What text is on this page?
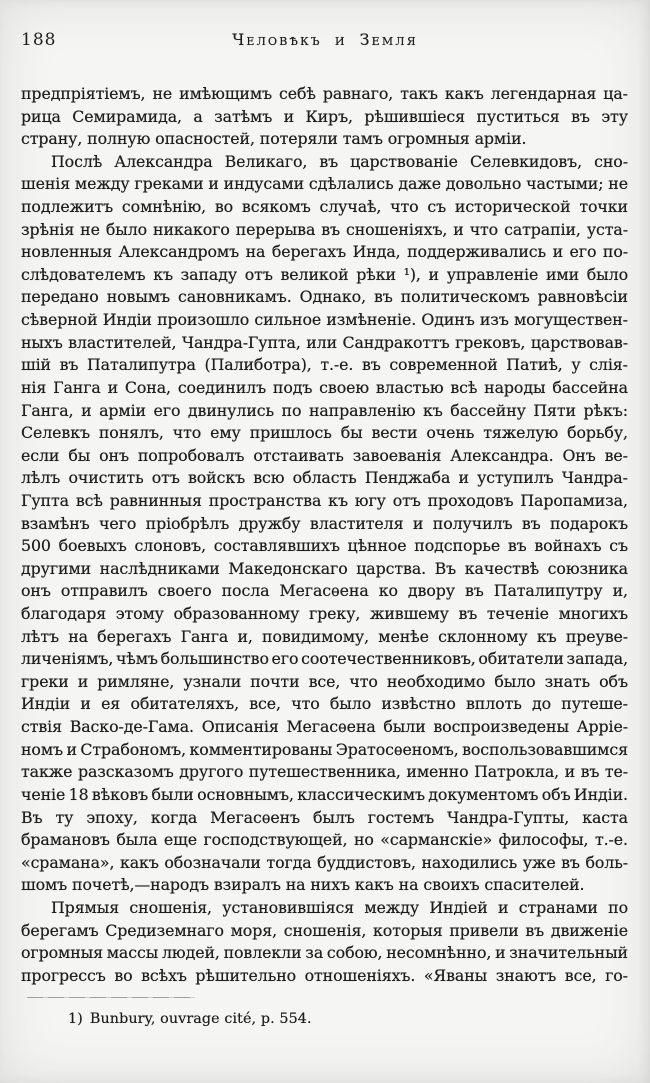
188	Человѣкъ и Земля
предпріятіемъ, не имѣющимъ себѣ равнаго, такъ какъ легендарная ца-
рица Семирамида, а затѣмъ и Киръ, рѣшившіеся пуститься въ эту
страну, полную опасностей, потеряли тамъ огромныя арміи.
Послѣ Александра Великаго, въ царствованіе Селевкидовъ, сно-
шенія между греками и индусами сдѣлались даже довольно частыми; не
подлежитъ сомнѣнію, во всякомъ случаѣ, что съ исторической точки
зрѣнія не было никакого перерыва въ сношеніяхъ, и что сатрапіи, уста-
новленныя Александромъ на берегахъ Инда, поддерживались и его по-
слѣдователемъ къ западу отъ великой рѣки ¹), и управленіе ими было
передано новымъ сановникамъ. Однако, въ политическомъ равновѣсіи
сѣверной Индіи произошло сильное измѣненіе. Одинъ изъ могуществен-
ныхъ властителей, Чандра-Гупта, или Сандракоттъ грековъ, царствовав-
шій въ Паталипутра (Палиботра), т.-е. въ современной Патиѣ, у слія-
нія Ганга и Сона, соединилъ подъ своею властью всѣ народы бассейна
Ганга, и арміи его двинулись по направленію къ бассейну Пяти рѣкъ:
Селевкъ понялъ, что ему пришлось бы вести очень тяжелую борьбу,
если бы онъ попробовалъ отстаивать завоеванія Александра. Онъ ве-
лѣлъ очистить отъ войскъ всю область Пенджаба и уступилъ Чандра-
Гупта всѣ равнинныя пространства къ югу отъ проходовъ Паропамиза,
взамѣнъ чего пріобрѣлъ дружбу властителя и получилъ въ подарокъ
500 боевыхъ слоновъ, составлявшихъ цѣнное подспорье въ войнахъ съ
другими наслѣдниками Македонскаго царства. Въ качествѣ союзника
онъ отправилъ своего посла Мегасѳена ко двору въ Паталипутру и,
благодаря этому образованному греку, жившему въ теченіе многихъ
лѣтъ на берегахъ Ганга и, повидимому, менѣе склонному къ преуве-
личеніямъ, чѣмъ большинство его соотечественниковъ, обитатели запада,
греки и римляне, узнали почти все, что необходимо было знать объ
Индіи и ея обитателяхъ, все, что было извѣстно вплоть до путеше-
ствія Васко-де-Гама. Описанія Мегасѳена были воспроизведены Арріе-
номъ и Страбономъ, комментированы Эратосѳеномъ, воспользовавшимся
также разсказомъ другого путешественника, именно Патрокла, и въ те-
ченіе 18 вѣковъ были основнымъ, классическимъ документомъ объ Индіи.
Въ ту эпоху, когда Мегасѳенъ былъ гостемъ Чандра-Гупты, каста
брамановъ была еще господствующей, но «сарманскіе» философы, т.-е.
«срамана», какъ обозначали тогда буддистовъ, находились уже въ боль-
шомъ почетѣ,—народъ взиралъ на нихъ какъ на своихъ спасителей.
Прямыя сношенія, установившіяся между Индіей и странами по
берегамъ Средиземнаго моря, сношенія, которыя привели въ движеніе
огромныя массы людей, повлекли за собою, несомнѣнно, и значительный
прогрессъ во всѣхъ рѣшительно отношеніяхъ. «Яваны знаютъ все, го-
1) Bunbury, ouvrage cité, p. 554.
